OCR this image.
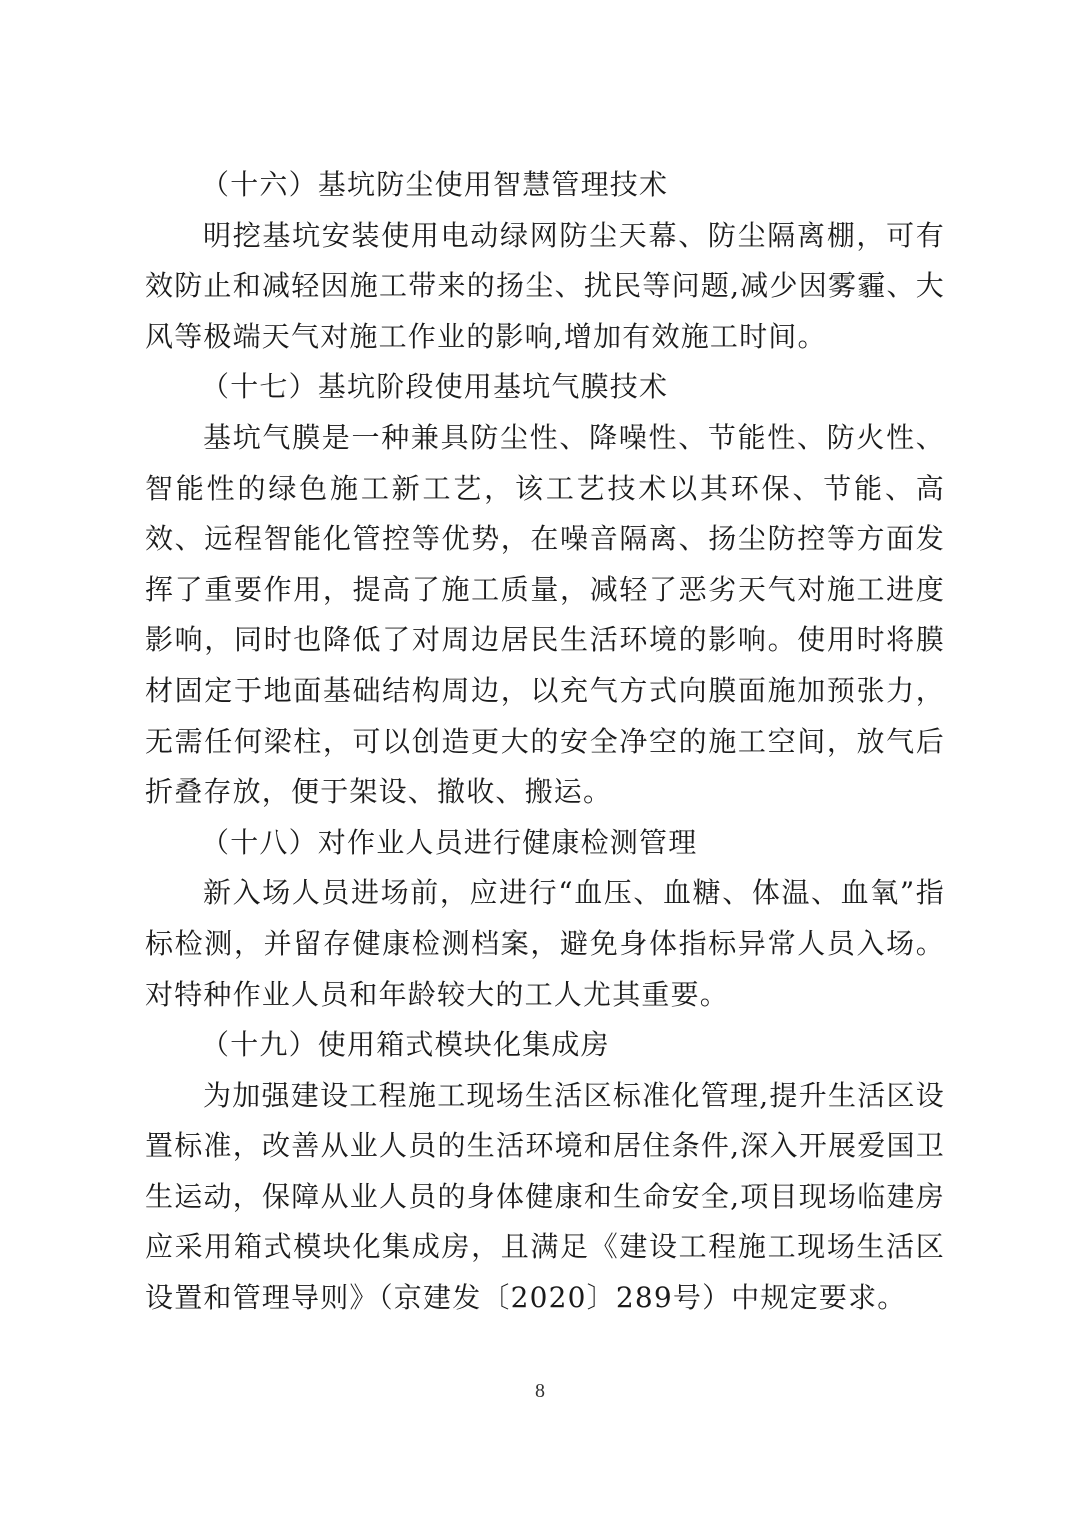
（十六）基坑防尘使用智慧管理技术

明挖基坑安装使用电动绿网防尘天幕、防尘隔离棚，可有效防止和减轻因施工带来的扬尘、扰民等问题,减少因雾霾、大风等极端天气对施工作业的影响,增加有效施工时间。

（十七）基坑阶段使用基坑气膜技术

基坑气膜是一种兼具防尘性、降噪性、节能性、防火性、智能性的绿色施工新工艺，该工艺技术以其环保、节能、高效、远程智能化管控等优势，在噪音隔离、扬尘防控等方面发挥了重要作用，提高了施工质量，减轻了恶劣天气对施工进度影响，同时也降低了对周边居民生活环境的影响。使用时将膜材固定于地面基础结构周边，以充气方式向膜面施加预张力，无需任何梁柱，可以创造更大的安全净空的施工空间，放气后折叠存放，便于架设、撤收、搬运。

（十八）对作业人员进行健康检测管理

新入场人员进场前，应进行“血压、血糖、体温、血氧”指标检测，并留存健康检测档案，避免身体指标异常人员入场。对特种作业人员和年龄较大的工人尤其重要。

（十九）使用箱式模块化集成房

为加强建设工程施工现场生活区标准化管理,提升生活区设置标准，改善从业人员的生活环境和居住条件,深入开展爱国卫生运动，保障从业人员的身体健康和生命安全,项目现场临建房应采用箱式模块化集成房，且满足《建设工程施工现场生活区设置和管理导则》（京建发〔2020〕289号）中规定要求。

8
